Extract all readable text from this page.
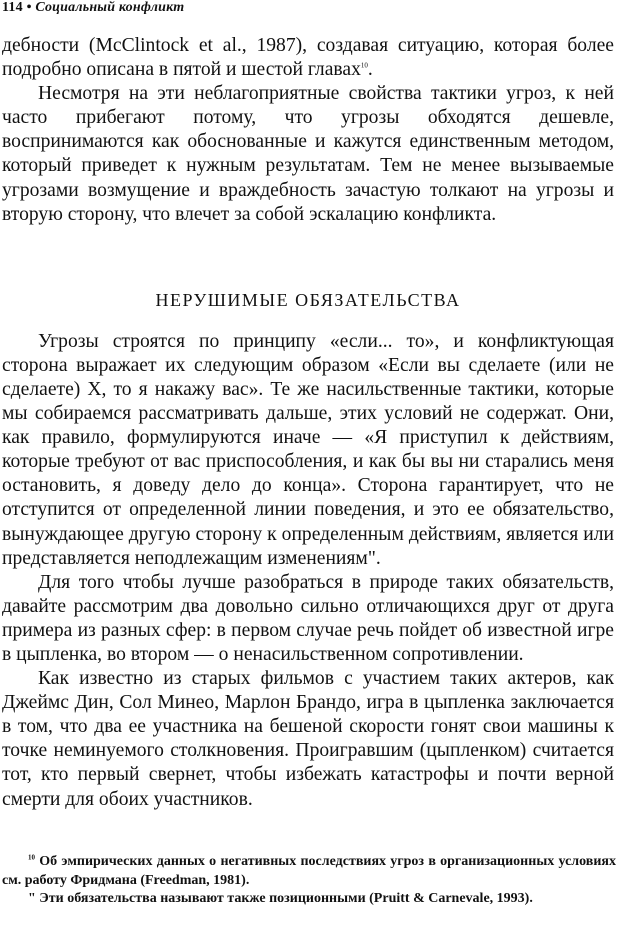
114 • Социальный конфликт

дебности (McClintock et al., 1987), создавая ситуацию, которая более подробно описана в пятой и шестой главах$^{10}$.

Несмотря на эти неблагоприятные свойства тактики угроз, к ней часто прибегают потому, что угрозы обходятся дешевле, воспринимаются как обоснованные и кажутся единственным методом, который приведет к нужным результатам. Тем не менее вызываемые угрозами возмущение и враждебность зачастую толкают на угрозы и вторую сторону, что влечет за собой эскалацию конфликта.

НЕРУШИМЫЕ ОБЯЗАТЕЛЬСТВА

Угрозы строятся по принципу «если... то», и конфликтующая сторона выражает их следующим образом «Если вы сделаете (или не сделаете) X, то я накажу вас». Те же насильственные тактики, которые мы собираемся рассматривать дальше, этих условий не содержат. Они, как правило, формулируются иначе — «Я приступил к действиям, которые требуют от вас приспособления, и как бы вы ни старались меня остановить, я доведу дело до конца». Сторона гарантирует, что не отступится от определенной линии поведения, и это ее обязательство, вынуждающее другую сторону к определенным действиям, является или представляется неподлежащим изменениям".

Для того чтобы лучше разобраться в природе таких обязательств, давайте рассмотрим два довольно сильно отличающихся друг от друга примера из разных сфер: в первом случае речь пойдет об известной игре в цыпленка, во втором — о ненасильственном сопротивлении.

Как известно из старых фильмов с участием таких актеров, как Джеймс Дин, Сол Минео, Марлон Брандо, игра в цыпленка заключается в том, что два ее участника на бешеной скорости гонят свои машины к точке неминуемого столкновения. Проигравшим (цыпленком) считается тот, кто первый свернет, чтобы избежать катастрофы и почти верной смерти для обоих участников.

$^{10}$ Об эмпирических данных о негативных последствиях угроз в организационных условиях см. работу Фридмана (Freedman, 1981).

" Эти обязательства называют также позиционными (Pruitt & Carnevale, 1993).
